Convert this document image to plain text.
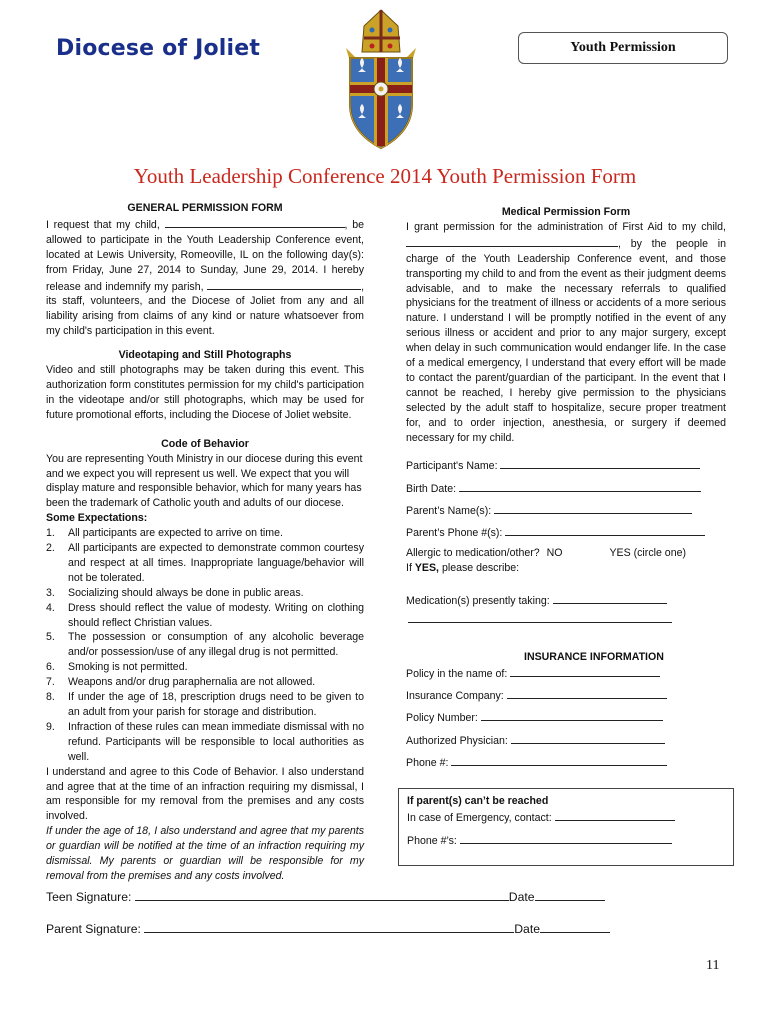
Diocese of Joliet	Youth Permission
Youth Leadership Conference 2014 Youth Permission Form
GENERAL PERMISSION FORM

I request that my child,	, be allowed to participate in the Youth Leadership Conference event, located at Lewis University, Romeoville, IL on the following day(s): from Friday, June 27, 2014 to Sunday, June 29, 2014. I hereby release and indemnify my parish,	, its staff, volunteers, and the Diocese of Joliet from any and all liability arising from claims of any kind or nature whatsoever from my child's participation in this event.

Videotaping and Still Photographs

Video and still photographs may be taken during this event. This authorization form constitutes permission for my child's participation in the videotape and/or still photographs, which may be used for future promotional efforts, including the Diocese of Joliet website.

Code of Behavior

You are representing Youth Ministry in our diocese during this event and we expect you will represent us well. We expect that you will display mature and responsible behavior, which for many years has been the trademark of Catholic youth and adults of our diocese.

Some Expectations:
1. All participants are expected to arrive on time.
2. All participants are expected to demonstrate common courtesy and respect at all times. Inappropriate language/behavior will not be tolerated.
3. Socializing should always be done in public areas.
4. Dress should reflect the value of modesty. Writing on clothing should reflect Christian values.
5. The possession or consumption of any alcoholic beverage and/or possession/use of any illegal drug is not permitted.
6. Smoking is not permitted.
7. Weapons and/or drug paraphernalia are not allowed.
8. If under the age of 18, prescription drugs need to be given to an adult from your parish for storage and distribution.
9. Infraction of these rules can mean immediate dismissal with no refund. Participants will be responsible to local authorities as well.

I understand and agree to this Code of Behavior. I also understand and agree that at the time of an infraction requiring my dismissal, I am responsible for my removal from the premises and any costs involved.

If under the age of 18, I also understand and agree that my parents or guardian will be notified at the time of an infraction requiring my dismissal. My parents or guardian will be responsible for my removal from the premises and any costs involved.

Medical Permission Form

I grant permission for the administration of First Aid to my child, , by the people in charge of the Youth Leadership Conference event, and those transporting my child to and from the event as their judgment deems advisable, and to make the necessary referrals to qualified physicians for the treatment of illness or accidents of a more serious nature. I understand I will be promptly notified in the event of any serious illness or accident and prior to any major surgery, except when delay in such communication would endanger life. In the case of a medical emergency, I understand that every effort will be made to contact the parent/guardian of the participant. In the event that I cannot be reached, I hereby give permission to the physicians selected by the adult staff to hospitalize, secure proper treatment for, and to order injection, anesthesia, or surgery if deemed necessary for my child.

Participant's Name:
Birth Date:
Parent’s Name(s):
Parent’s Phone #(s):
Allergic to medication/other? NO	YES (circle one)
If YES, please describe:
Medication(s) presently taking:
INSURANCE INFORMATION
Policy in the name of:
Insurance Company:
Policy Number:
Authorized Physician:
Phone #:
If parent(s) can’t be reached
In case of Emergency, contact:
Phone #’s:
Teen Signature:	Date
Parent Signature:	Date
11
